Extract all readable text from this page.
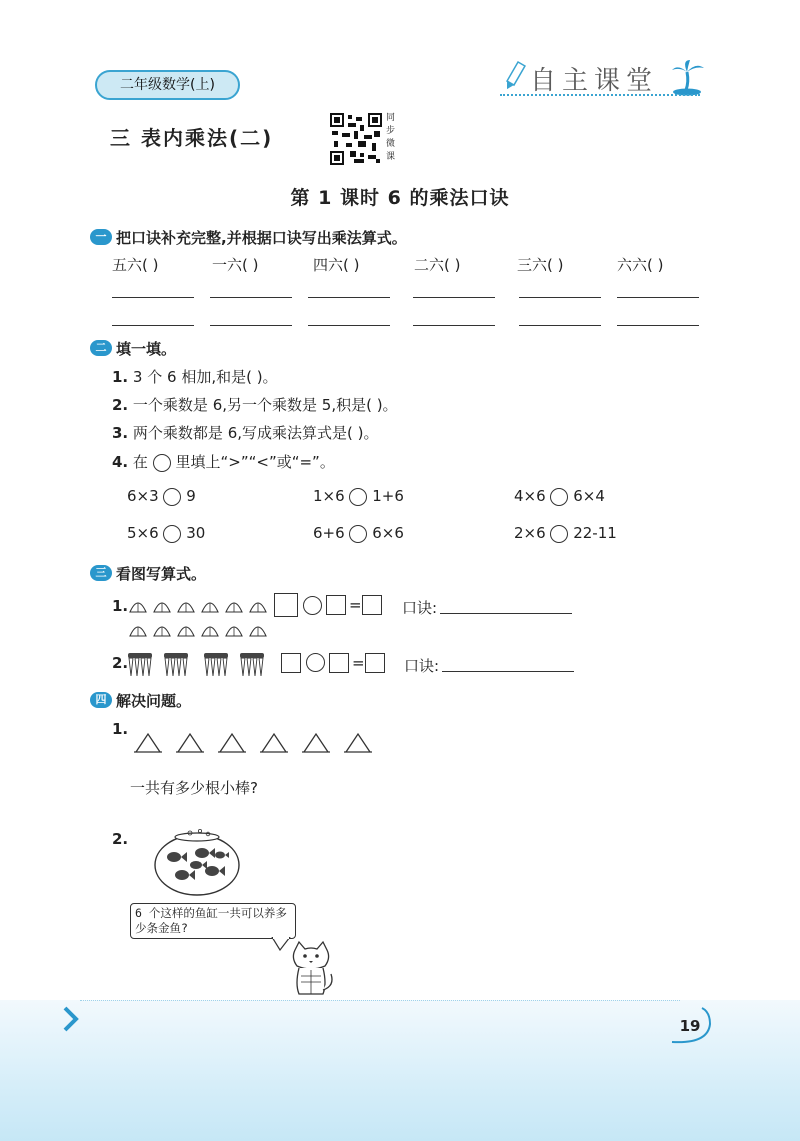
二年级数学(上)	自主课堂
三 表内乘法(二)
同步微课
第 1 课时 6 的乘法口诀
一 把口诀补充完整,并根据口诀写出乘法算式。
五六( )	一六( )	四六( )	二六( )	三六( )	六六( )
二 填一填。
1. 3 个 6 相加,和是( )。
2. 一个乘数是 6,另一个乘数是 5,积是( )。
3. 两个乘数都是 6,写成乘法算式是( )。
4. 在 里填上“>”“<”或“=”。
6×3 9	1×6 1+6	4×6 6×4
5×6 30	6+6 6×6	2×6 22-11
三 看图写算式。
1.	=	口诀:
2.	=	口诀:
四 解决问题。
1.
一共有多少根小棒?
2.
6 个这样的鱼缸一共可以养多少条金鱼?
19
